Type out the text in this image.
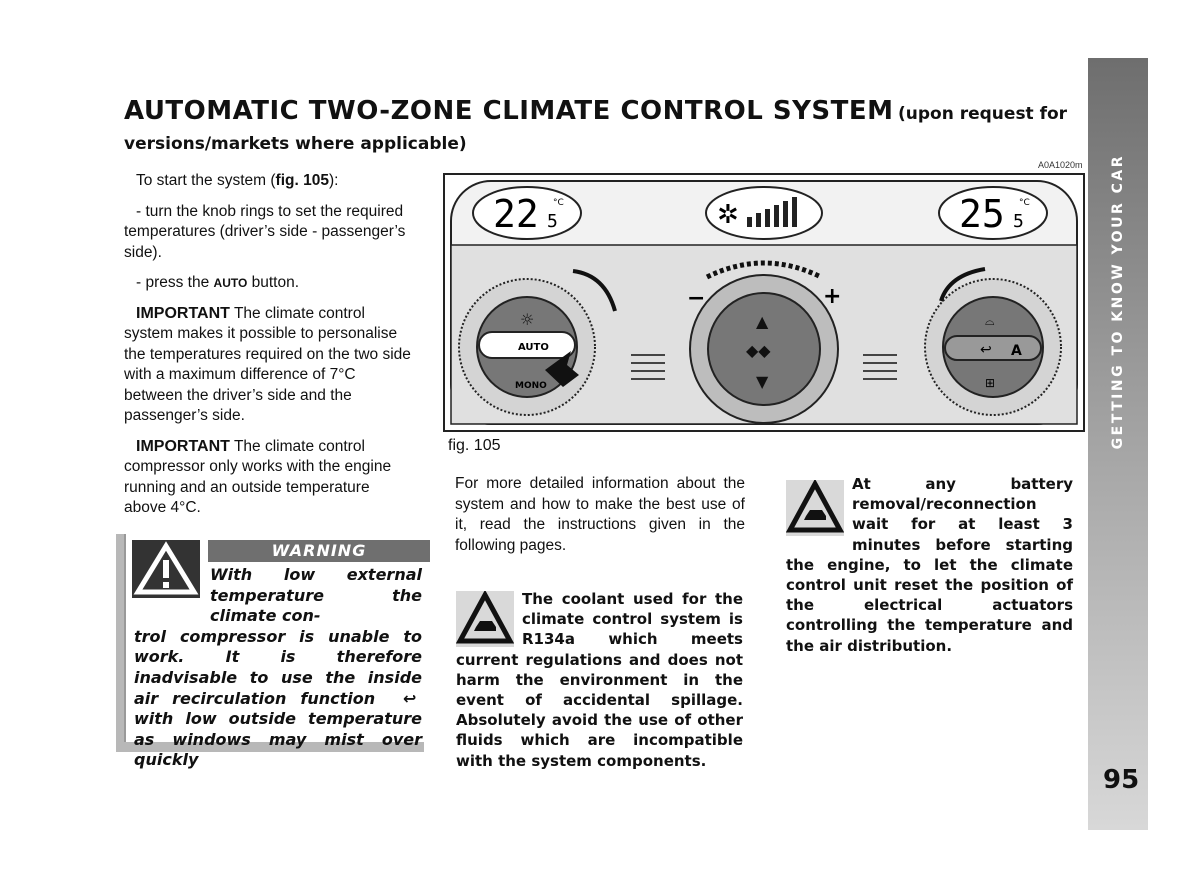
AUTOMATIC TWO-ZONE CLIMATE CONTROL SYSTEM (upon request for
versions/markets where applicable)
GETTING TO KNOW YOUR CAR
95

To start the system (fig. 105):

- turn the knob rings to set the required temperatures (driver’s side - passenger’s side).

- press the AUTO button.

IMPORTANT The climate control system makes it possible to personalise the temperatures required on the two side with a maximum difference of 7°C between the driver’s side and the passenger’s side.

IMPORTANT The climate control compressor only works with the engine running and an outside temperature above 4°C.

A0A1020m
22 5
°C	✲	25 5
°C
AUTO
MONO
☼	▲
◆◆
▼
−	+
↩ A
⌓
⊞
fig. 105
WARNING
With low external temperature the climate con-
trol compressor is unable to work. It is therefore inadvisable to use the inside air recirculation function  ↩  with low outside temperature as windows may mist over quickly

For more detailed information about the system and how to make the best use of it, read the instructions given in the following pages.

The coolant used for the climate control system is R134a which meets current regulations and does not harm the environment in the event of accidental spillage. Absolutely avoid the use of other fluids which are incompatible with the system components.
At any battery removal/reconnection wait for at least 3 minutes before starting the engine, to let the climate control unit reset the position of the electrical actuators controlling the temperature and the air distribution.
